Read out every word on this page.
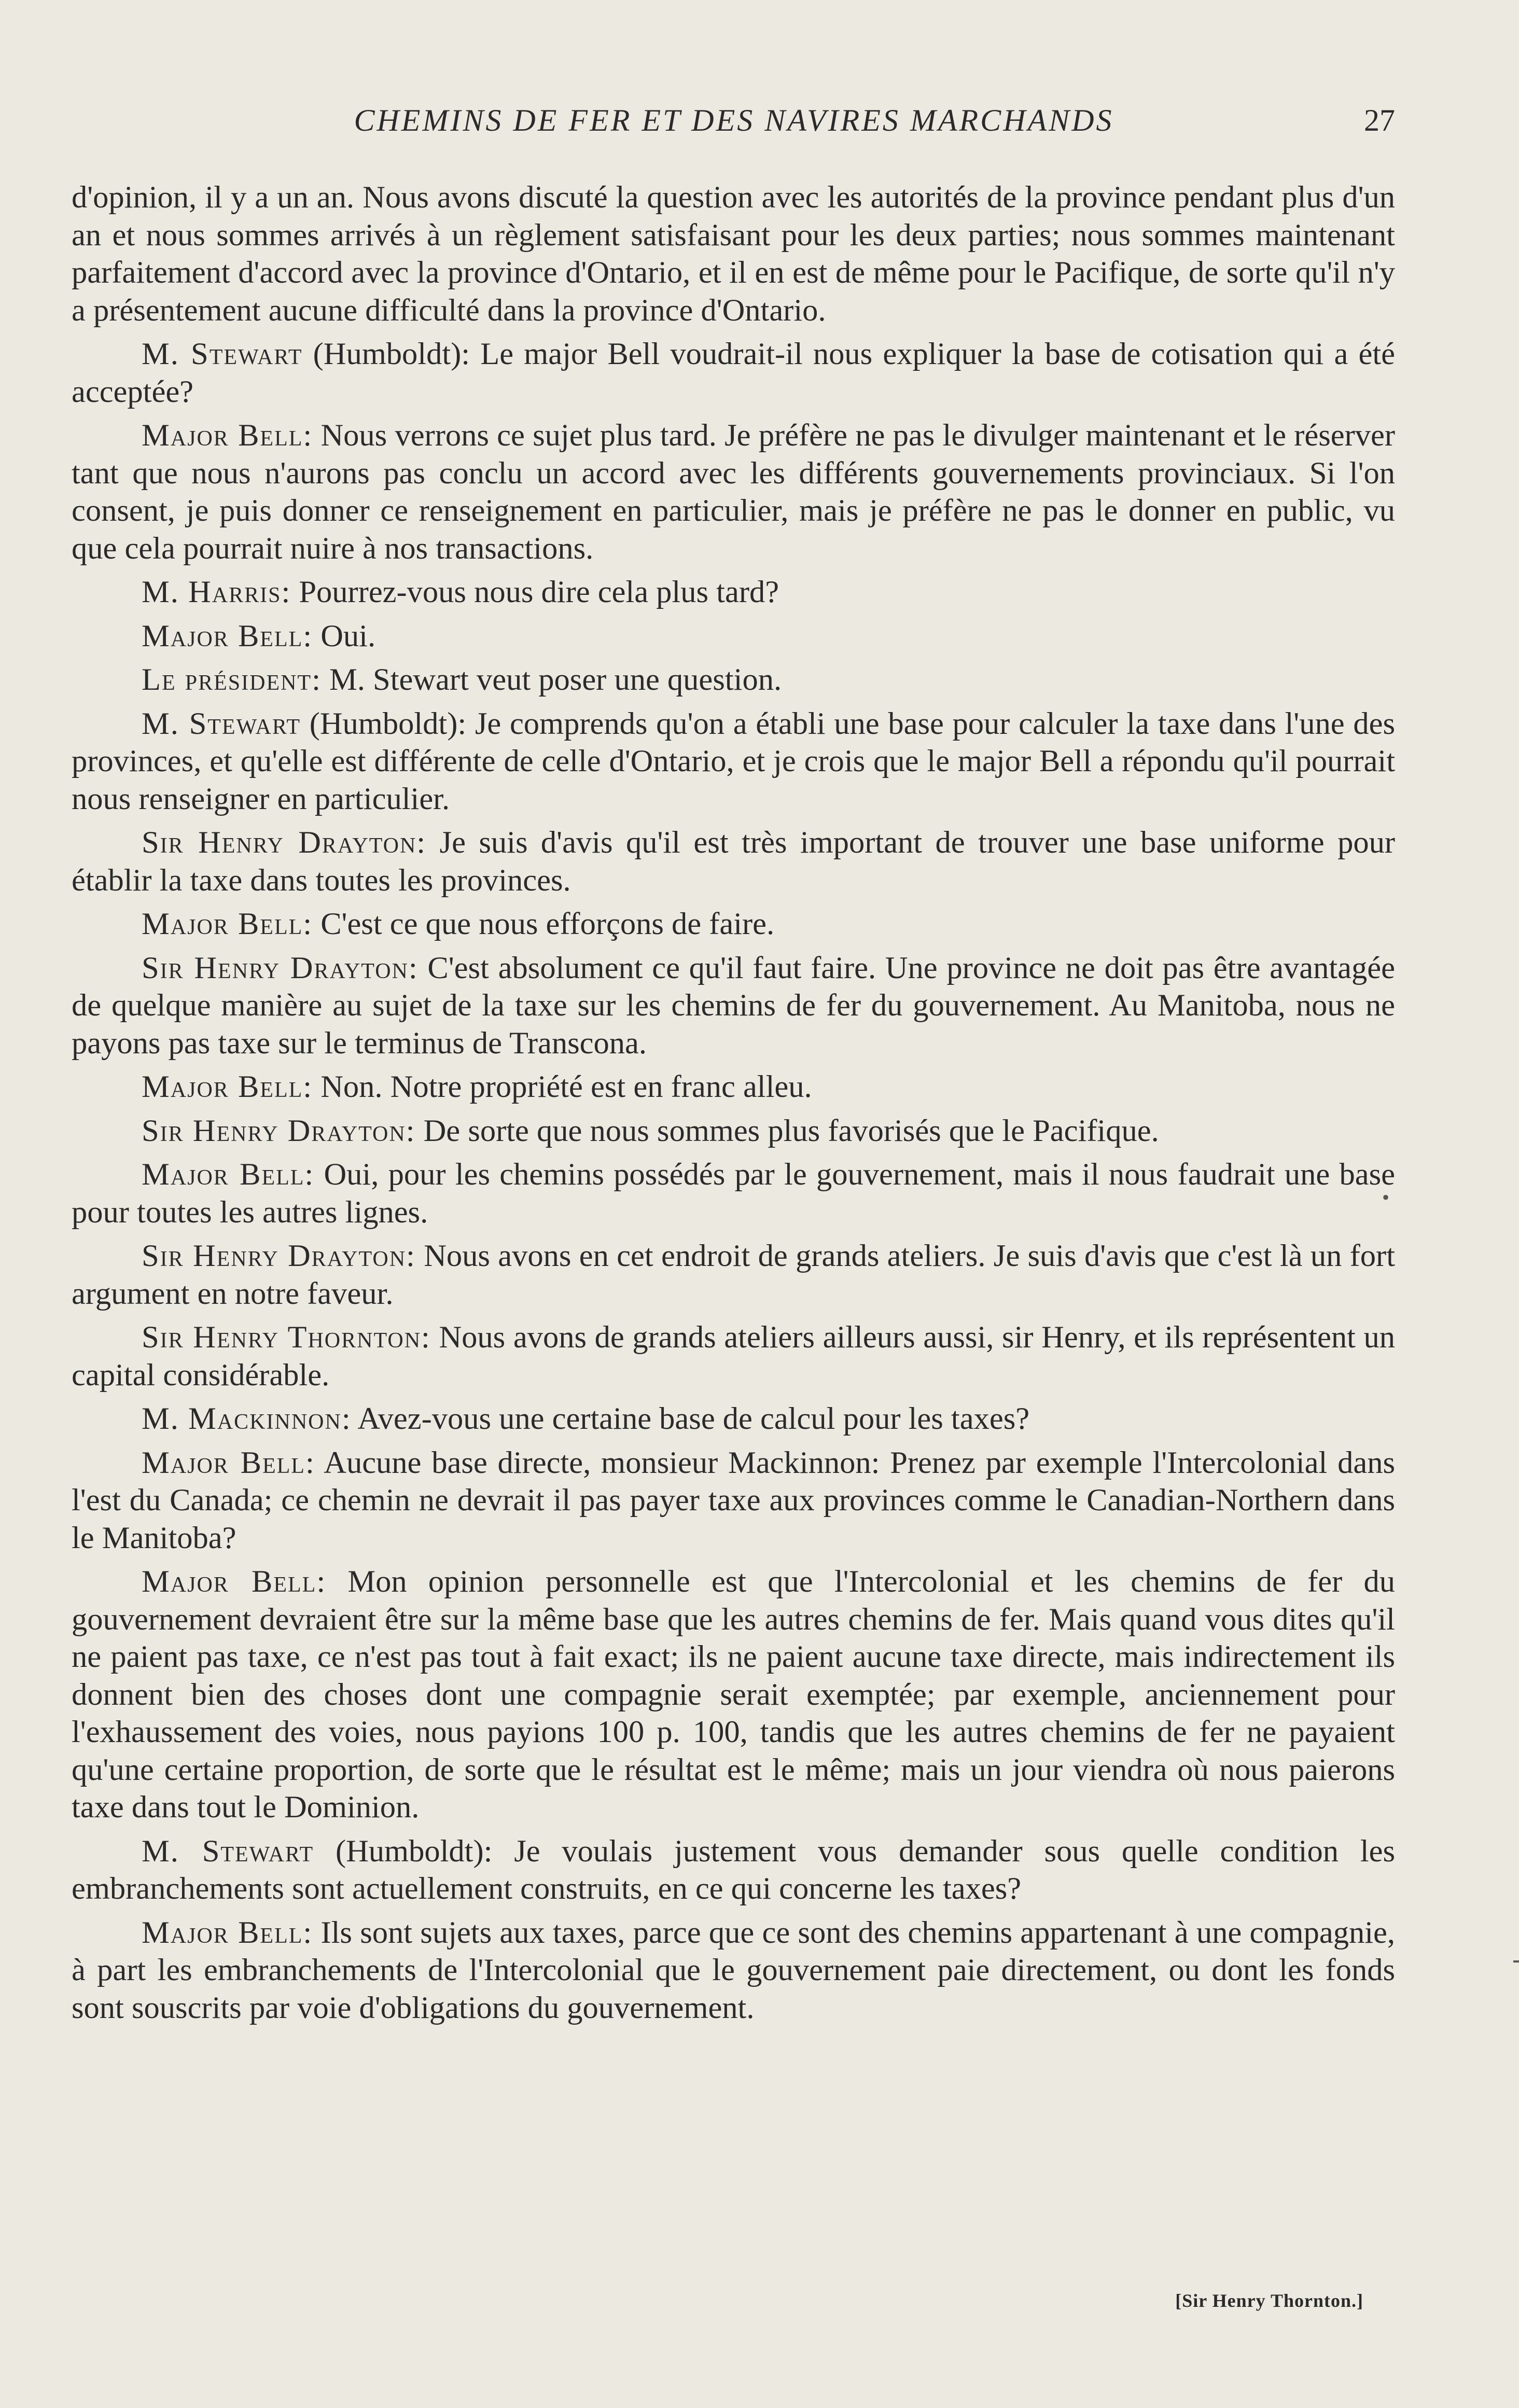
CHEMINS DE FER ET DES NAVIRES MARCHANDS	27

d'opinion, il y a un an. Nous avons discuté la question avec les autorités de la province pendant plus d'un an et nous sommes arrivés à un règlement satisfaisant pour les deux parties; nous sommes maintenant parfaitement d'accord avec la province d'Ontario, et il en est de même pour le Pacifique, de sorte qu'il n'y a présentement aucune difficulté dans la province d'Ontario.

M. Stewart (Humboldt): Le major Bell voudrait-il nous expliquer la base de cotisation qui a été acceptée?

Major Bell: Nous verrons ce sujet plus tard. Je préfère ne pas le divulger maintenant et le réserver tant que nous n'aurons pas conclu un accord avec les différents gouvernements provinciaux. Si l'on consent, je puis donner ce renseignement en particulier, mais je préfère ne pas le donner en public, vu que cela pourrait nuire à nos transactions.

M. Harris: Pourrez-vous nous dire cela plus tard?

Major Bell: Oui.

Le président: M. Stewart veut poser une question.

M. Stewart (Humboldt): Je comprends qu'on a établi une base pour calculer la taxe dans l'une des provinces, et qu'elle est différente de celle d'Ontario, et je crois que le major Bell a répondu qu'il pourrait nous renseigner en particulier.

Sir Henry Drayton: Je suis d'avis qu'il est très important de trouver une base uniforme pour établir la taxe dans toutes les provinces.

Major Bell: C'est ce que nous efforçons de faire.

Sir Henry Drayton: C'est absolument ce qu'il faut faire. Une province ne doit pas être avantagée de quelque manière au sujet de la taxe sur les chemins de fer du gouvernement. Au Manitoba, nous ne payons pas taxe sur le terminus de Transcona.

Major Bell: Non. Notre propriété est en franc alleu.

Sir Henry Drayton: De sorte que nous sommes plus favorisés que le Pacifique.

Major Bell: Oui, pour les chemins possédés par le gouvernement, mais il nous faudrait une base pour toutes les autres lignes.

Sir Henry Drayton: Nous avons en cet endroit de grands ateliers. Je suis d'avis que c'est là un fort argument en notre faveur.

Sir Henry Thornton: Nous avons de grands ateliers ailleurs aussi, sir Henry, et ils représentent un capital considérable.

M. Mackinnon: Avez-vous une certaine base de calcul pour les taxes?

Major Bell: Aucune base directe, monsieur Mackinnon: Prenez par exemple l'Intercolonial dans l'est du Canada; ce chemin ne devrait il pas payer taxe aux provinces comme le Canadian-Northern dans le Manitoba?

Major Bell: Mon opinion personnelle est que l'Intercolonial et les chemins de fer du gouvernement devraient être sur la même base que les autres chemins de fer. Mais quand vous dites qu'il ne paient pas taxe, ce n'est pas tout à fait exact; ils ne paient aucune taxe directe, mais indirectement ils donnent bien des choses dont une compagnie serait exemptée; par exemple, anciennement pour l'exhaussement des voies, nous payions 100 p. 100, tandis que les autres chemins de fer ne payaient qu'une certaine proportion, de sorte que le résultat est le même; mais un jour viendra où nous paierons taxe dans tout le Dominion.

M. Stewart (Humboldt): Je voulais justement vous demander sous quelle condition les embranchements sont actuellement construits, en ce qui concerne les taxes?

Major Bell: Ils sont sujets aux taxes, parce que ce sont des chemins appartenant à une compagnie, à part les embranchements de l'Intercolonial que le gouvernement paie directement, ou dont les fonds sont souscrits par voie d'obligations du gouvernement.

[Sir Henry Thornton.]
•
